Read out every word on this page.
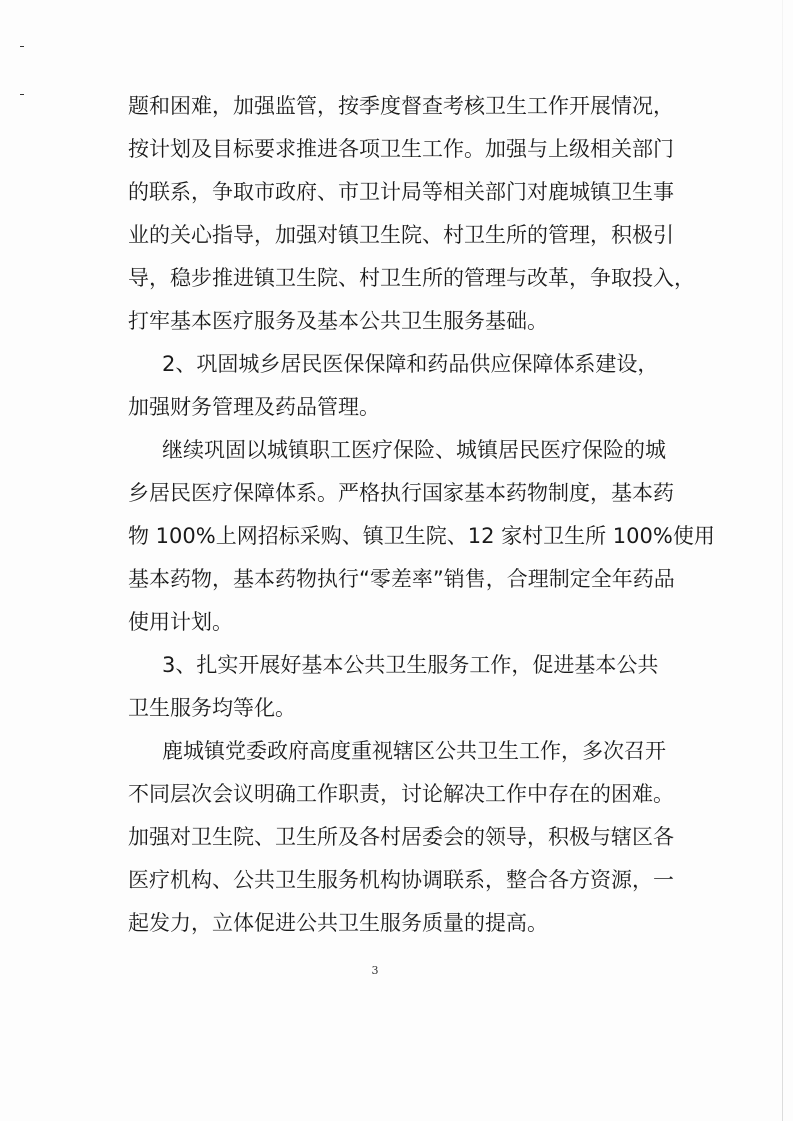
题和困难，加强监管，按季度督查考核卫生工作开展情况，
按计划及目标要求推进各项卫生工作。加强与上级相关部门
的联系，争取市政府、市卫计局等相关部门对鹿城镇卫生事
业的关心指导，加强对镇卫生院、村卫生所的管理，积极引
导，稳步推进镇卫生院、村卫生所的管理与改革，争取投入，
打牢基本医疗服务及基本公共卫生服务基础。
2、巩固城乡居民医保保障和药品供应保障体系建设，
加强财务管理及药品管理。
继续巩固以城镇职工医疗保险、城镇居民医疗保险的城
乡居民医疗保障体系。严格执行国家基本药物制度，基本药
物 100%上网招标采购、镇卫生院、12 家村卫生所 100%使用
基本药物，基本药物执行“零差率”销售，合理制定全年药品
使用计划。
3、扎实开展好基本公共卫生服务工作，促进基本公共
卫生服务均等化。
鹿城镇党委政府高度重视辖区公共卫生工作，多次召开
不同层次会议明确工作职责，讨论解决工作中存在的困难。
加强对卫生院、卫生所及各村居委会的领导，积极与辖区各
医疗机构、公共卫生服务机构协调联系，整合各方资源，一
起发力，立体促进公共卫生服务质量的提高。
3
